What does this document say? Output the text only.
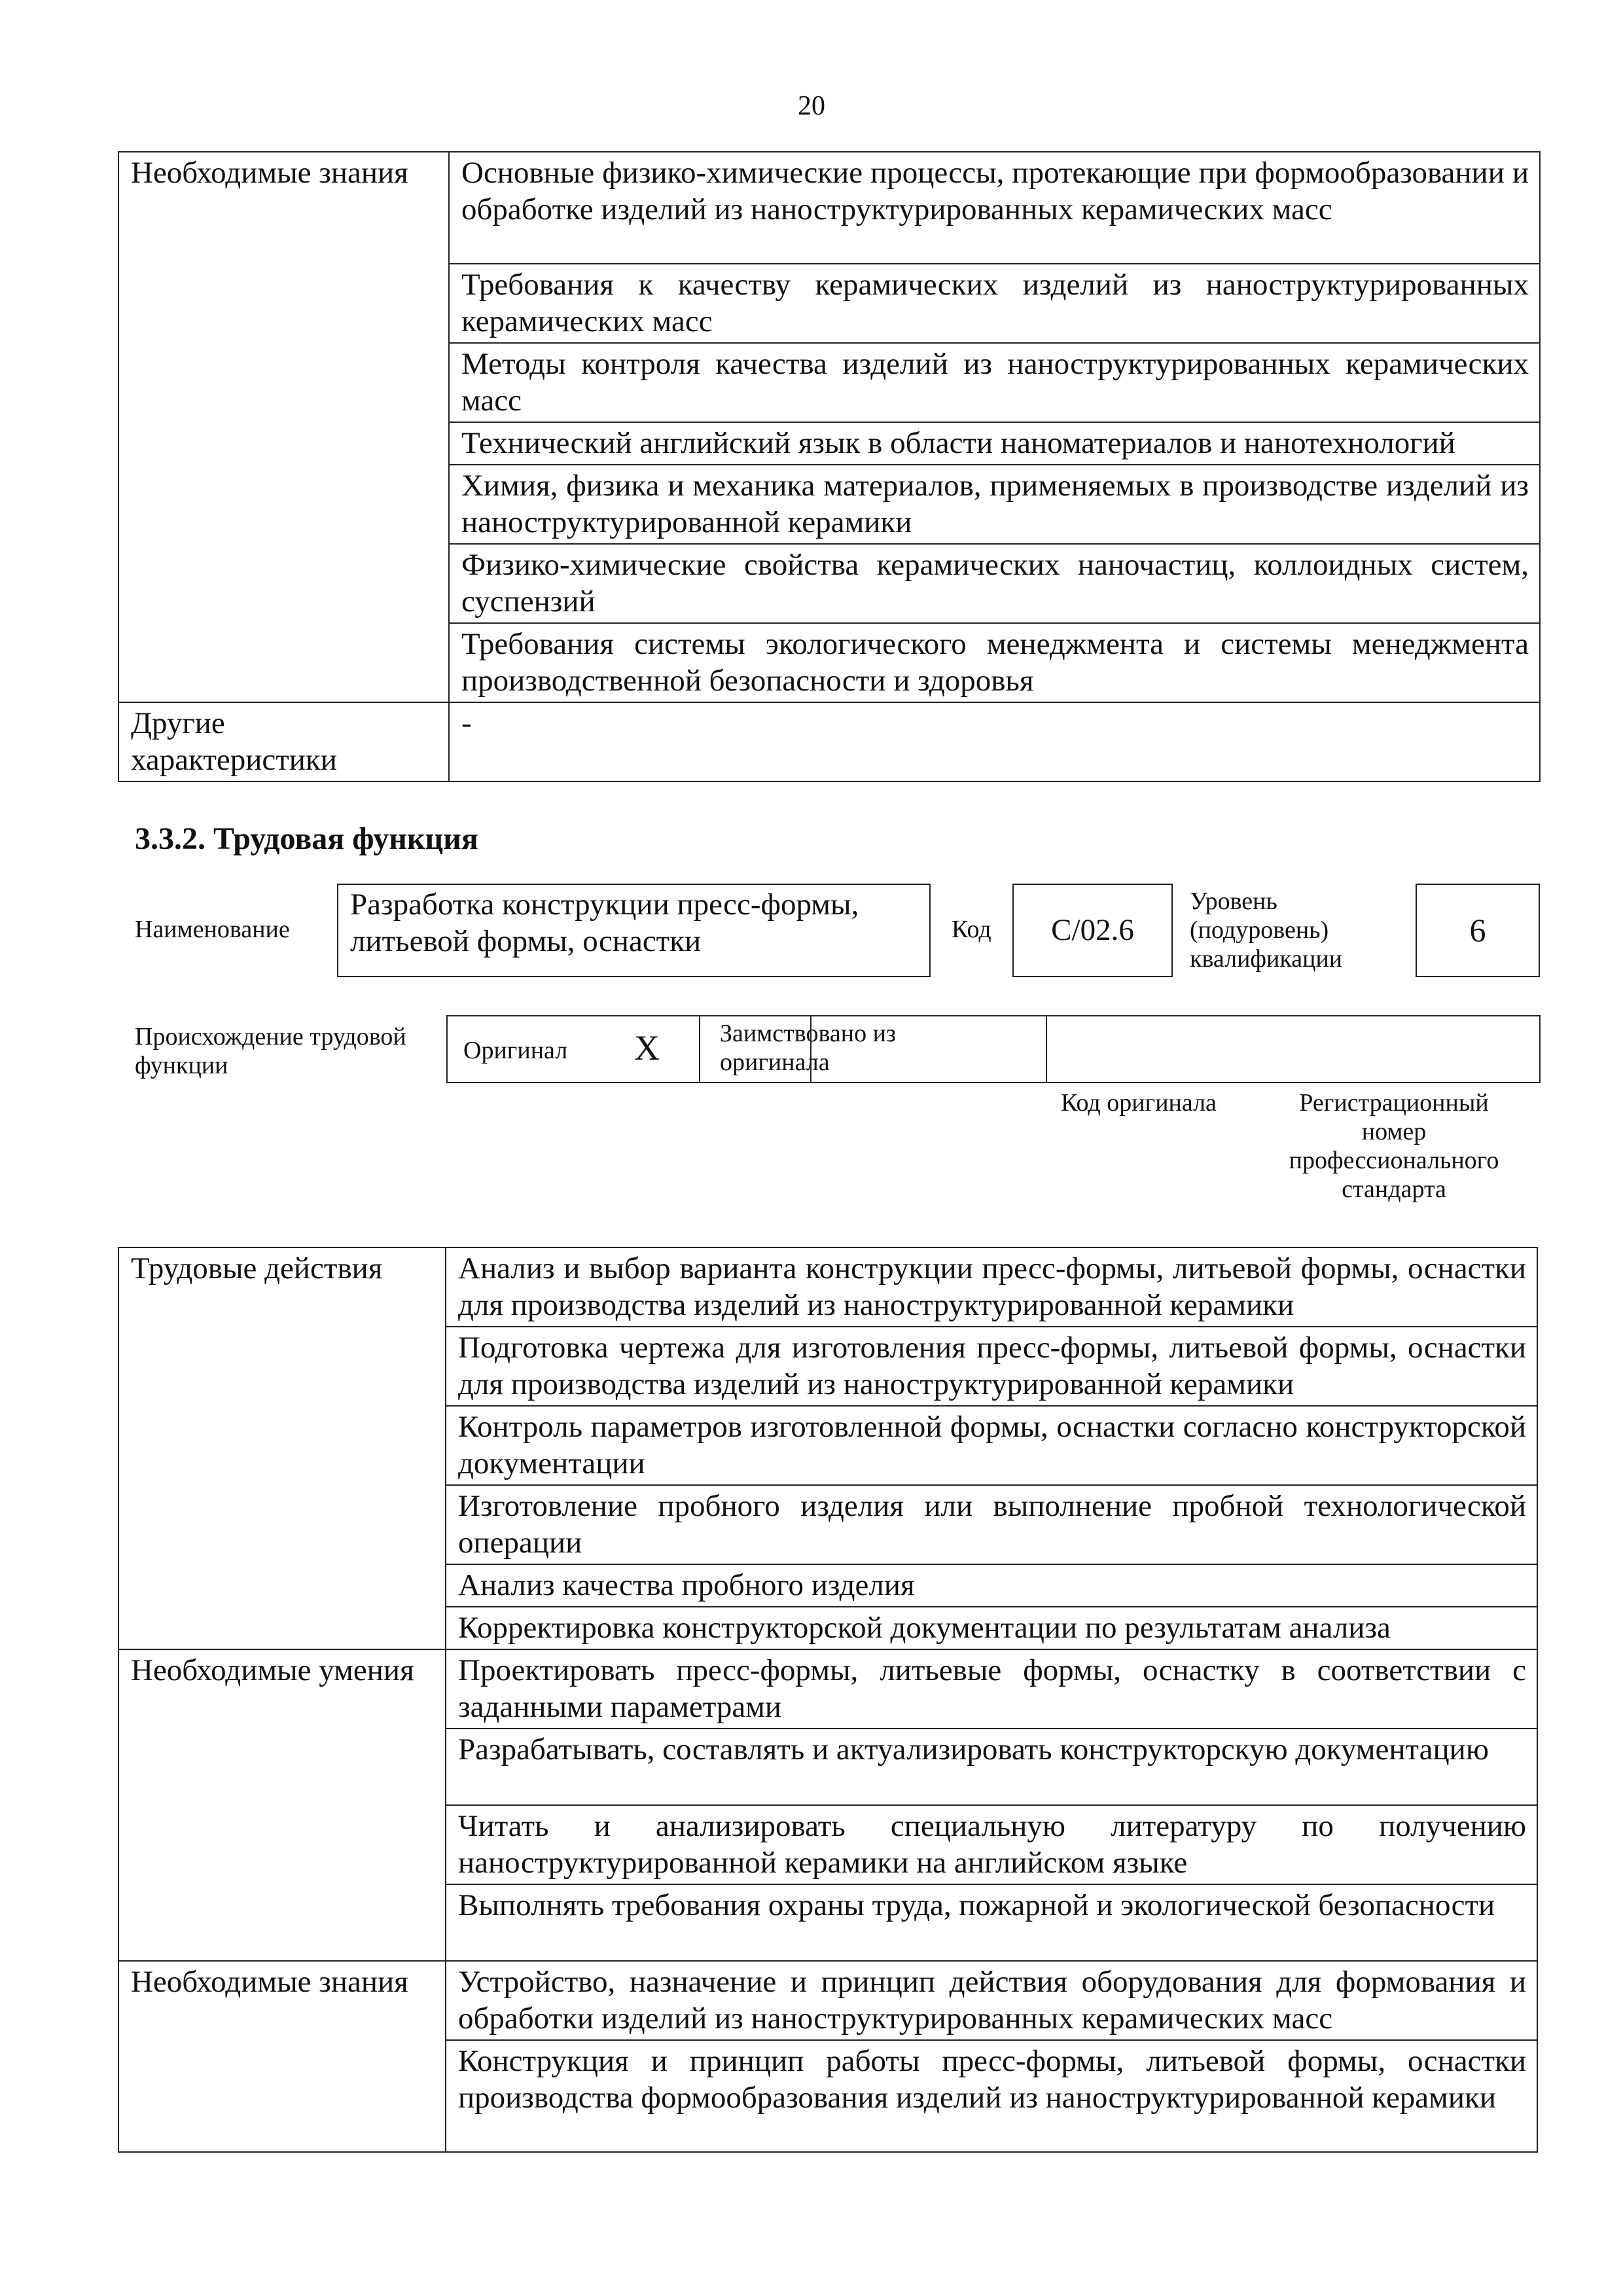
20
Необходимые знания	Основные физико-химические процессы, протекающие при формообразовании и обработке изделий из наноструктурированных керамических масс
	Требования к качеству керамических изделий из наноструктурированных керамических масс
	Методы контроля качества изделий из наноструктурированных керамических масс
	Технический английский язык в области наноматериалов и нанотехнологий
	Химия, физика и механика материалов, применяемых в производстве изделий из наноструктурированной керамики
	Физико-химические свойства керамических наночастиц, коллоидных систем, суспензий
	Требования системы экологического менеджмента и системы менеджмента производственной безопасности и здоровья
Другие характеристики	-
3.3.2. Трудовая функция
Наименование
Разработка конструкции пресс-формы, литьевой формы, оснастки	Код	C/02.6
Уровень (подуровень) квалификации
6
Происхождение трудовой функции
Оригинал X Заимствовано из оригинала
Код оригинала	Регистрационный номер профессионального стандарта
Трудовые действия	Анализ и выбор варианта конструкции пресс-формы, литьевой формы, оснастки для производства изделий из наноструктурированной керамики
	Подготовка чертежа для изготовления пресс-формы, литьевой формы, оснастки для производства изделий из наноструктурированной керамики
	Контроль параметров изготовленной формы, оснастки согласно конструкторской документации
	Изготовление пробного изделия или выполнение пробной технологической операции
	Анализ качества пробного изделия
	Корректировка конструкторской документации по результатам анализа
Необходимые умения	Проектировать пресс-формы, литьевые формы, оснастку в соответствии с заданными параметрами
	Разрабатывать, составлять и актуализировать конструкторскую документацию
	Читать и анализировать специальную литературу по получению наноструктурированной керамики на английском языке
	Выполнять требования охраны труда, пожарной и экологической безопасности
Необходимые знания	Устройство, назначение и принцип действия оборудования для формования и обработки изделий из наноструктурированных керамических масс
	Конструкция и принцип работы пресс-формы, литьевой формы, оснастки производства формообразования изделий из наноструктурированной керамики
